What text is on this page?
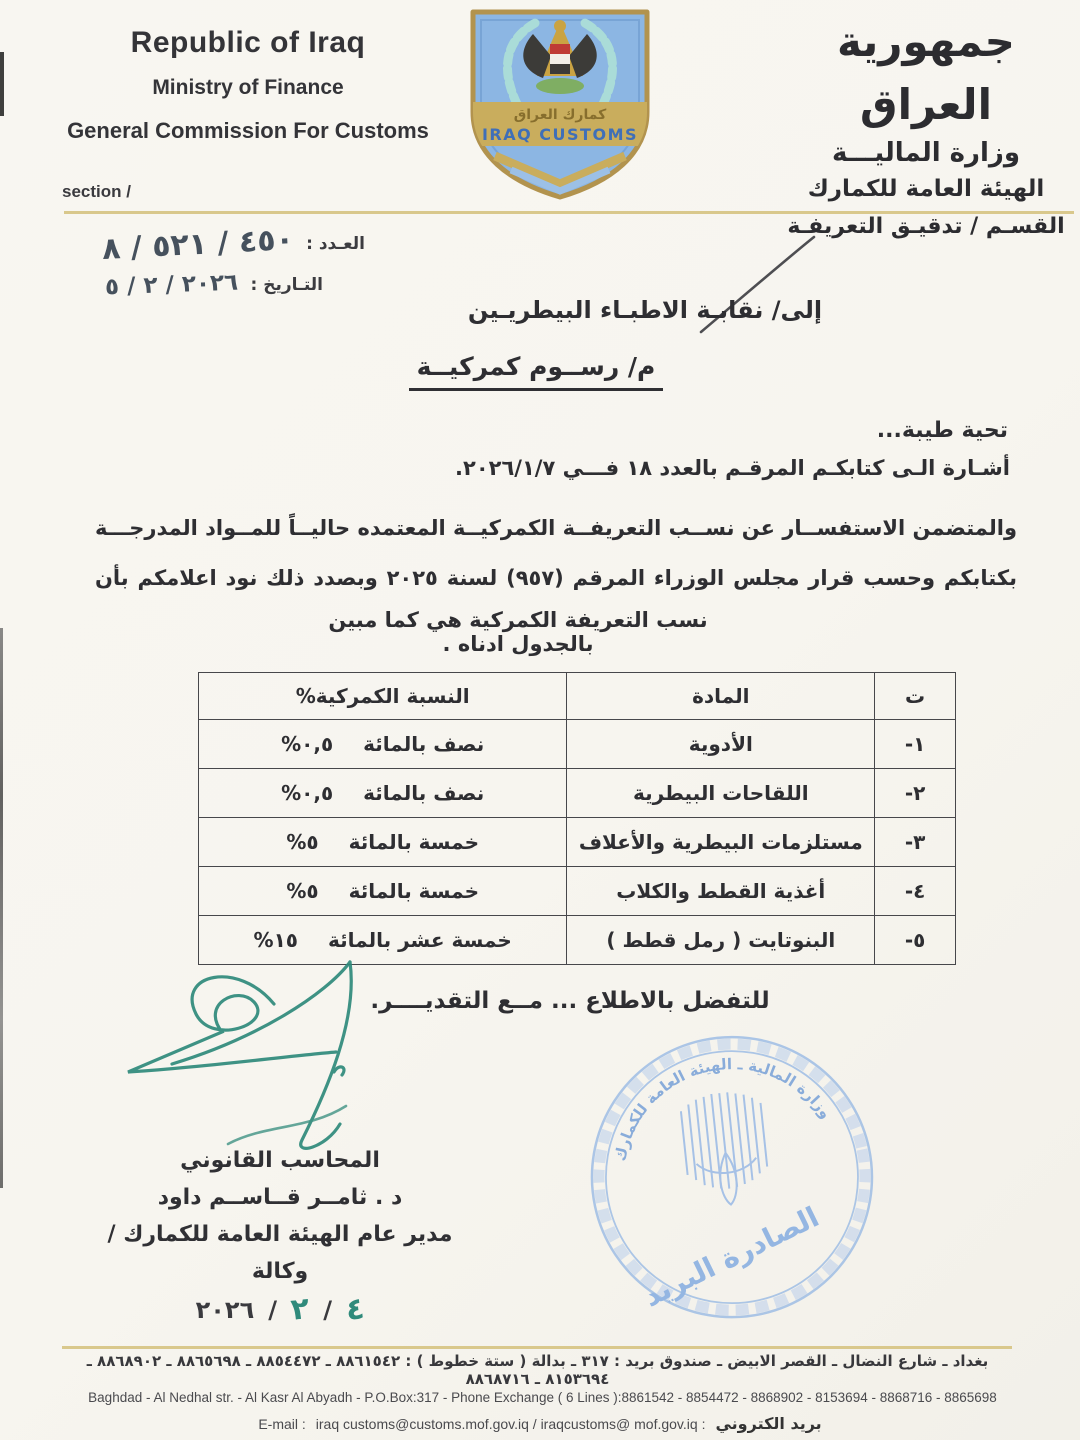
Republic of Iraq
Ministry of Finance
General Commission For Customs
section /
كمارك العراق
IRAQ CUSTOMS
جمهورية العراق
وزارة الماليـــة
الهيئة العامة للكمارك
القسـم / تدقيـق التعريفـة
العـدد :
٤٥٠ / ٥٢١ / ٨
التـاريخ :
٢٠٢٦ / ٢ / ٥
إلى/ نقابـة الاطبـاء البيطريـين
م/ رســوم كمركيــة
تحية طيبة...
أشـارة الـى كتابكـم المرقـم بالعدد ١٨ فـــي ٢٠٢٦/١/٧.
والمتضمن الاستفســار عن نســب التعريفــة الكمركيــة المعتمده حاليــاً للمــواد المدرجـــة بكتابكم وحسب قرار مجلس الوزراء المرقم (٩٥٧) لسنة ٢٠٢٥ وبصدد ذلك نود اعلامكم بأن
نسب التعريفة الكمركية هي كما مبين بالجدول ادناه .
ت	المادة	النسبة الكمركية%
١-	الأدوية	٠,٥% نصف بالمائة

٢-	اللقاحات البيطرية	٠,٥% نصف بالمائة

٣-	مستلزمات البيطرية والأعلاف	٥% خمسة بالمائة

٤-	أغذية القطط والكلاب	٥% خمسة بالمائة

٥-	البنوتايت ( رمل قطط )	١٥% خمسة عشر بالمائة
للتفضل بالاطلاع ... مــع التقديــــر.
المحاسب القانوني
د . ثامــر قــاســم داود
مدير عام الهيئة العامة للكمارك / وكالة
٢٠٢٦ / ٢ / ٤
وزارة المالية ـ الهيئة العامة للكمارك
الصادرة البريد
بغداد ـ شارع النضال ـ القصر الابيض ـ صندوق بريد : ٣١٧ ـ بدالة ( ستة خطوط ) : ٨٨٦١٥٤٢ ـ ٨٨٥٤٤٧٢ ـ ٨٨٦٥٦٩٨ ـ ٨٨٦٨٩٠٢ ـ ٨١٥٣٦٩٤ ـ ٨٨٦٨٧١٦
Baghdad - Al Nedhal str. - Al Kasr Al Abyadh - P.O.Box:317 - Phone Exchange ( 6 Lines ):8861542 - 8854472 - 8868902 - 8153694 - 8868716 - 8865698
E-mail : iraq customs@customs.mof.gov.iq / iraqcustoms@ mof.gov.iq : بريد الكتروني
